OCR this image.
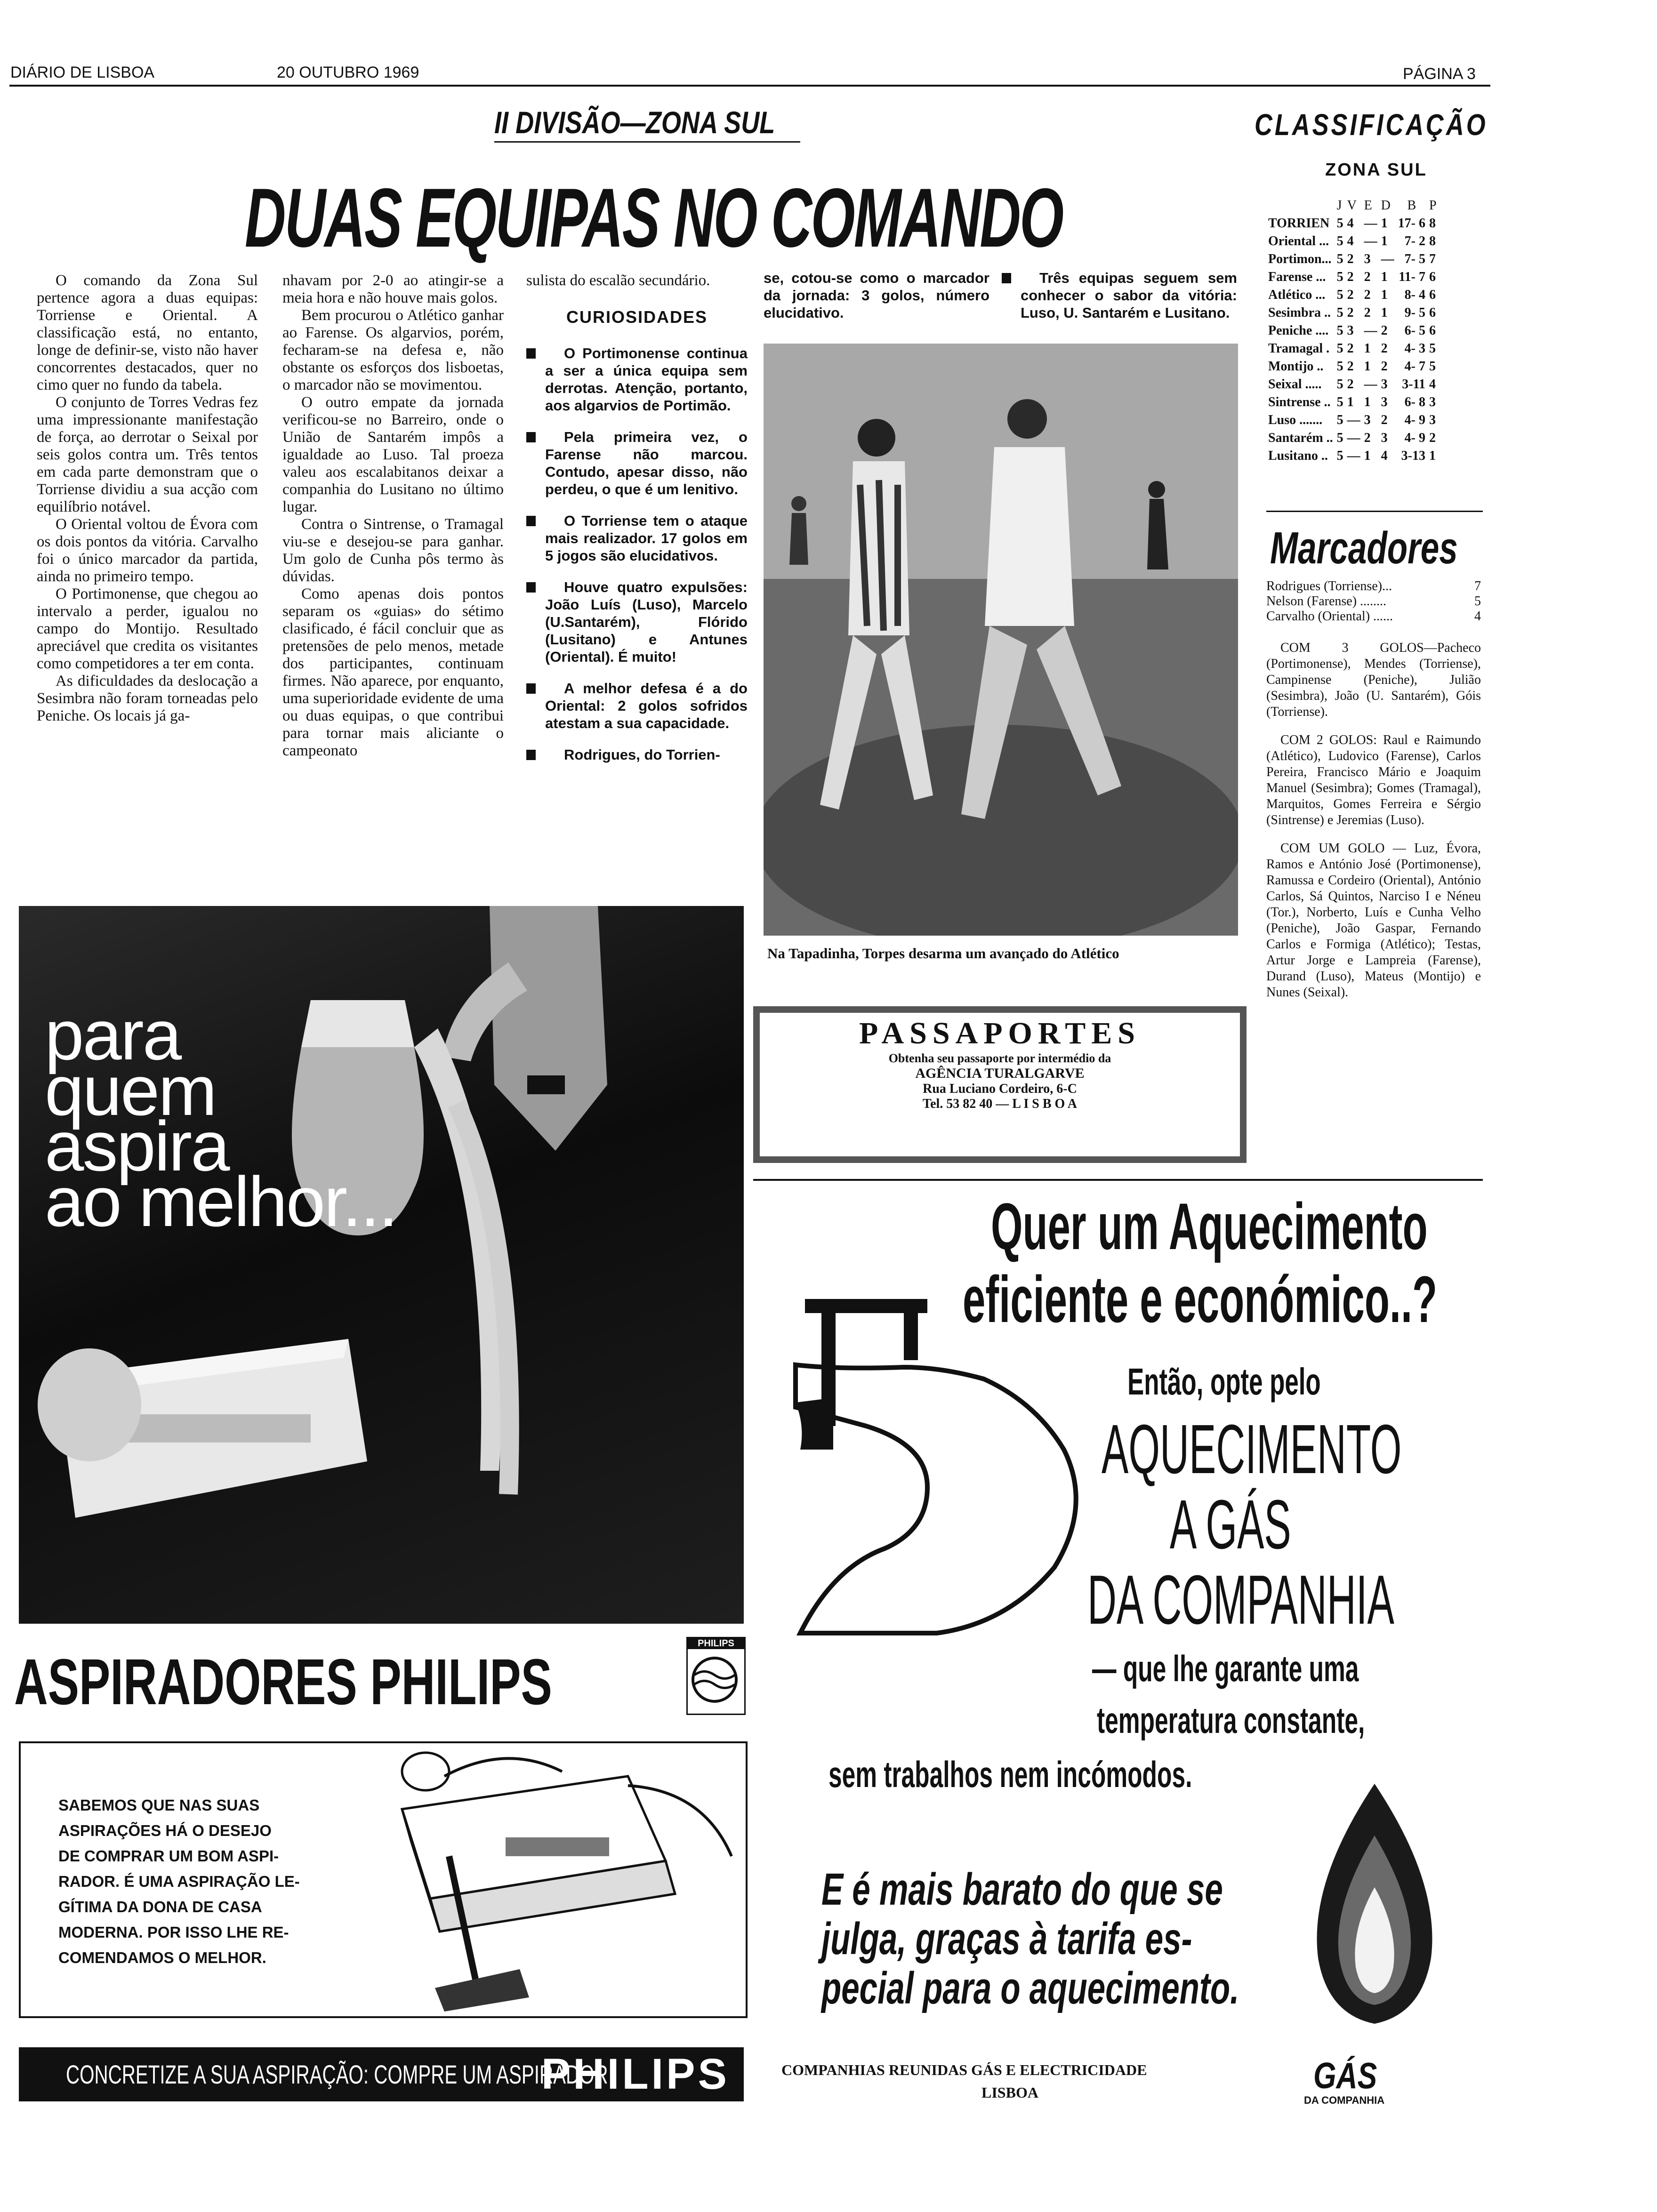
DIÁRIO DE LISBOA	20 OUTUBRO 1969	PÁGINA 3
II DIVISÃO—ZONA SUL
DUAS EQUIPAS NO COMANDO

O comando da Zona Sul pertence agora a duas equipas: Torriense e Oriental. A classificação está, no entanto, longe de definir-se, visto não haver concorrentes destacados, quer no cimo quer no fundo da tabela.

O conjunto de Torres Vedras fez uma impressionante manifestação de força, ao derrotar o Seixal por seis golos contra um. Três tentos em cada parte demonstram que o Torriense dividiu a sua acção com equilíbrio notável.

O Oriental voltou de Évora com os dois pontos da vitória. Carvalho foi o único marcador da partida, ainda no primeiro tempo.

O Portimonense, que chegou ao intervalo a perder, igualou no campo do Montijo. Resultado apreciável que credita os visitantes como competidores a ter em conta.

As dificuldades da deslocação a Sesimbra não foram torneadas pelo Peniche. Os locais já ga-

nhavam por 2-0 ao atingir-se a meia hora e não houve mais golos.

Bem procurou o Atlético ganhar ao Farense. Os algarvios, porém, fecharam-se na defesa e, não obstante os esforços dos lisboetas, o marcador não se movimentou.

O outro empate da jornada verificou-se no Barreiro, onde o União de Santarém impôs a igualdade ao Luso. Tal proeza valeu aos escalabitanos deixar a companhia do Lusitano no último lugar.

Contra o Sintrense, o Tramagal viu-se e desejou-se para ganhar. Um golo de Cunha pôs termo às dúvidas.

Como apenas dois pontos separam os «guias» do sétimo clasificado, é fácil concluir que as pretensões de pelo menos, metade dos participantes, continuam firmes. Não aparece, por enquanto, uma superioridade evidente de uma ou duas equipas, o que contribui para tornar mais aliciante o campeonato

sulista do escalão secundário.

CURIOSIDADES

O Portimonense continua a ser a única equipa sem derrotas. Atenção, portanto, aos algarvios de Portimão.

Pela primeira vez, o Farense não marcou. Contudo, apesar disso, não perdeu, o que é um lenitivo.

O Torriense tem o ataque mais realizador. 17 golos em 5 jogos são elucidativos.

Houve quatro expulsões: João Luís (Luso), Marcelo (U.Santarém), Flórido (Lusitano) e Antunes (Oriental). É muito!

A melhor defesa é a do Oriental: 2 golos sofridos atestam a sua capacidade.

Rodrigues, do Torrien-

se, cotou-se como o marcador da jornada: 3 golos, número elucidativo.

Três equipas seguem sem conhecer o sabor da vitória: Luso, U. Santarém e Lusitano.

Na Tapadinha, Torpes desarma um avançado do Atlético
CLASSIFICAÇÃO
ZONA SUL
	J	V	E	D	B	P
TORRIEN	5	4	—	1	17- 6	8
Oriental ...	5	4	—	1	7- 2	8
Portimon...	5	2	3	—	7- 5	7
Farense ...	5	2	2	1	11- 7	6
Atlético ...	5	2	2	1	8- 4	6
Sesimbra ..	5	2	2	1	9- 5	6
Peniche ....	5	3	—	2	6- 5	6
Tramagal .	5	2	1	2	4- 3	5
Montijo ..	5	2	1	2	4- 7	5
Seixal .....	5	2	—	3	3-11	4
Sintrense ..	5	1	1	3	6- 8	3
Luso .......	5	—	3	2	4- 9	3
Santarém ..	5	—	2	3	4- 9	2
Lusitano ..	5	—	1	4	3-13	1
Marcadores
Rodrigues (Torriense)...	7
Nelson (Farense) ........	5
Carvalho (Oriental) ......	4

COM 3 GOLOS—Pacheco (Portimonense), Mendes (Torriense), Campinense (Peniche), Julião (Sesimbra), João (U. Santarém), Góis (Torriense).

COM 2 GOLOS: Raul e Raimundo (Atlético), Ludovico (Farense), Carlos Pereira, Francisco Mário e Joaquim Manuel (Sesimbra); Gomes (Tramagal), Marquitos, Gomes Ferreira e Sérgio (Sintrense) e Jeremias (Luso).

COM UM GOLO — Luz, Évora, Ramos e António José (Portimonense), Ramussa e Cordeiro (Oriental), António Carlos, Sá Quintos, Narciso I e Néneu (Tor.), Norberto, Luís e Cunha Velho (Peniche), João Gaspar, Fernando Carlos e Formiga (Atlético); Testas, Artur Jorge e Lampreia (Farense), Durand (Luso), Mateus (Montijo) e Nunes (Seixal).

para
quem
aspira
ao melhor...
ASPIRADORES PHILIPS
PHILIPS
SABEMOS QUE NAS SUAS
ASPIRAÇÕES HÁ O DESEJO
DE COMPRAR UM BOM ASPI-
RADOR. É UMA ASPIRAÇÃO LE-
GÍTIMA DA DONA DE CASA
MODERNA. POR ISSO LHE RE-
COMENDAMOS O MELHOR.
CONCRETIZE A SUA ASPIRAÇÃO: COMPRE UM ASPIRADOR
PHILIPS
PASSAPORTES
Obtenha seu passaporte por intermédio da
AGÊNCIA TURALGARVE
Rua Luciano Cordeiro, 6-C
Tel. 53 82 40 — L I S B O A
Quer um Aquecimento
eficiente e económico..?
Então, opte pelo
AQUECIMENTO
A GÁS
DA COMPANHIA
— que lhe garante uma
temperatura constante,
sem trabalhos nem incómodos.
E é mais barato do que se
julga, graças à tarifa es-
pecial para o aquecimento.
COMPANHIAS REUNIDAS GÁS E ELECTRICIDADE
LISBOA	GÁS
DA COMPANHIA
